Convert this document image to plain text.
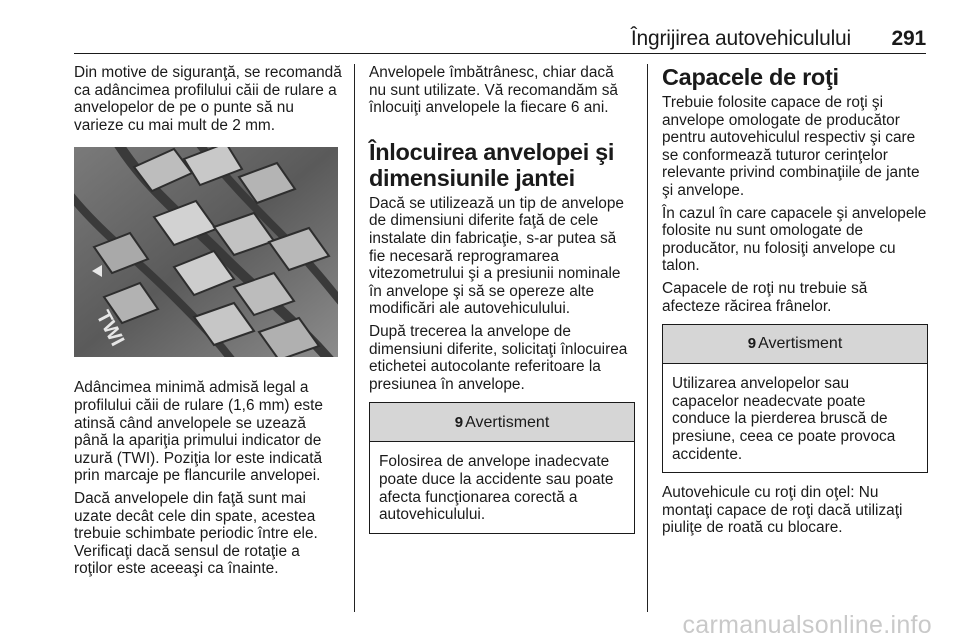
Îngrijirea autovehiculului 291

Din motive de siguranţă, se recomandă ca adâncimea profilului căii de rulare a anvelopelor de pe o punte să nu varieze cu mai mult de 2 mm.

TWI

Adâncimea minimă admisă legal a profilului căii de rulare (1,6 mm) este atinsă când anvelopele se uzează până la apariţia primului indicator de uzură (TWI). Poziţia lor este indicată prin marcaje pe flancurile anvelopei.

Dacă anvelopele din faţă sunt mai uzate decât cele din spate, acestea trebuie schimbate periodic între ele. Verificaţi dacă sensul de rotaţie a roţilor este aceeaşi ca înainte.

Anvelopele îmbătrânesc, chiar dacă nu sunt utilizate. Vă recomandăm să înlocuiţi anvelopele la fiecare 6 ani.

Înlocuirea anvelopei şi dimensiunile jantei

Dacă se utilizează un tip de anvelope de dimensiuni diferite faţă de cele instalate din fabricaţie, s-ar putea să fie necesară reprogramarea vitezometrului şi a presiunii nominale în anvelope şi să se opereze alte modificări ale autovehiculului.

După trecerea la anvelope de dimensiuni diferite, solicitaţi înlocuirea etichetei autocolante referitoare la presiunea în anvelope.

9 Avertisment

Folosirea de anvelope inadecvate poate duce la accidente sau poate afecta funcţionarea corectă a autovehiculului.

Capacele de roţi

Trebuie folosite capace de roţi şi anvelope omologate de producător pentru autovehiculul respectiv şi care se conformează tuturor cerinţelor relevante privind combinaţiile de jante şi anvelope.

În cazul în care capacele şi anvelopele folosite nu sunt omologate de producător, nu folosiţi anvelope cu talon.

Capacele de roţi nu trebuie să afecteze răcirea frânelor.

9 Avertisment

Utilizarea anvelopelor sau capacelor neadecvate poate conduce la pierderea bruscă de presiune, ceea ce poate provoca accidente.

Autovehicule cu roţi din oţel: Nu montaţi capace de roţi dacă utilizaţi piuliţe de roată cu blocare.

carmanualsonline.info
